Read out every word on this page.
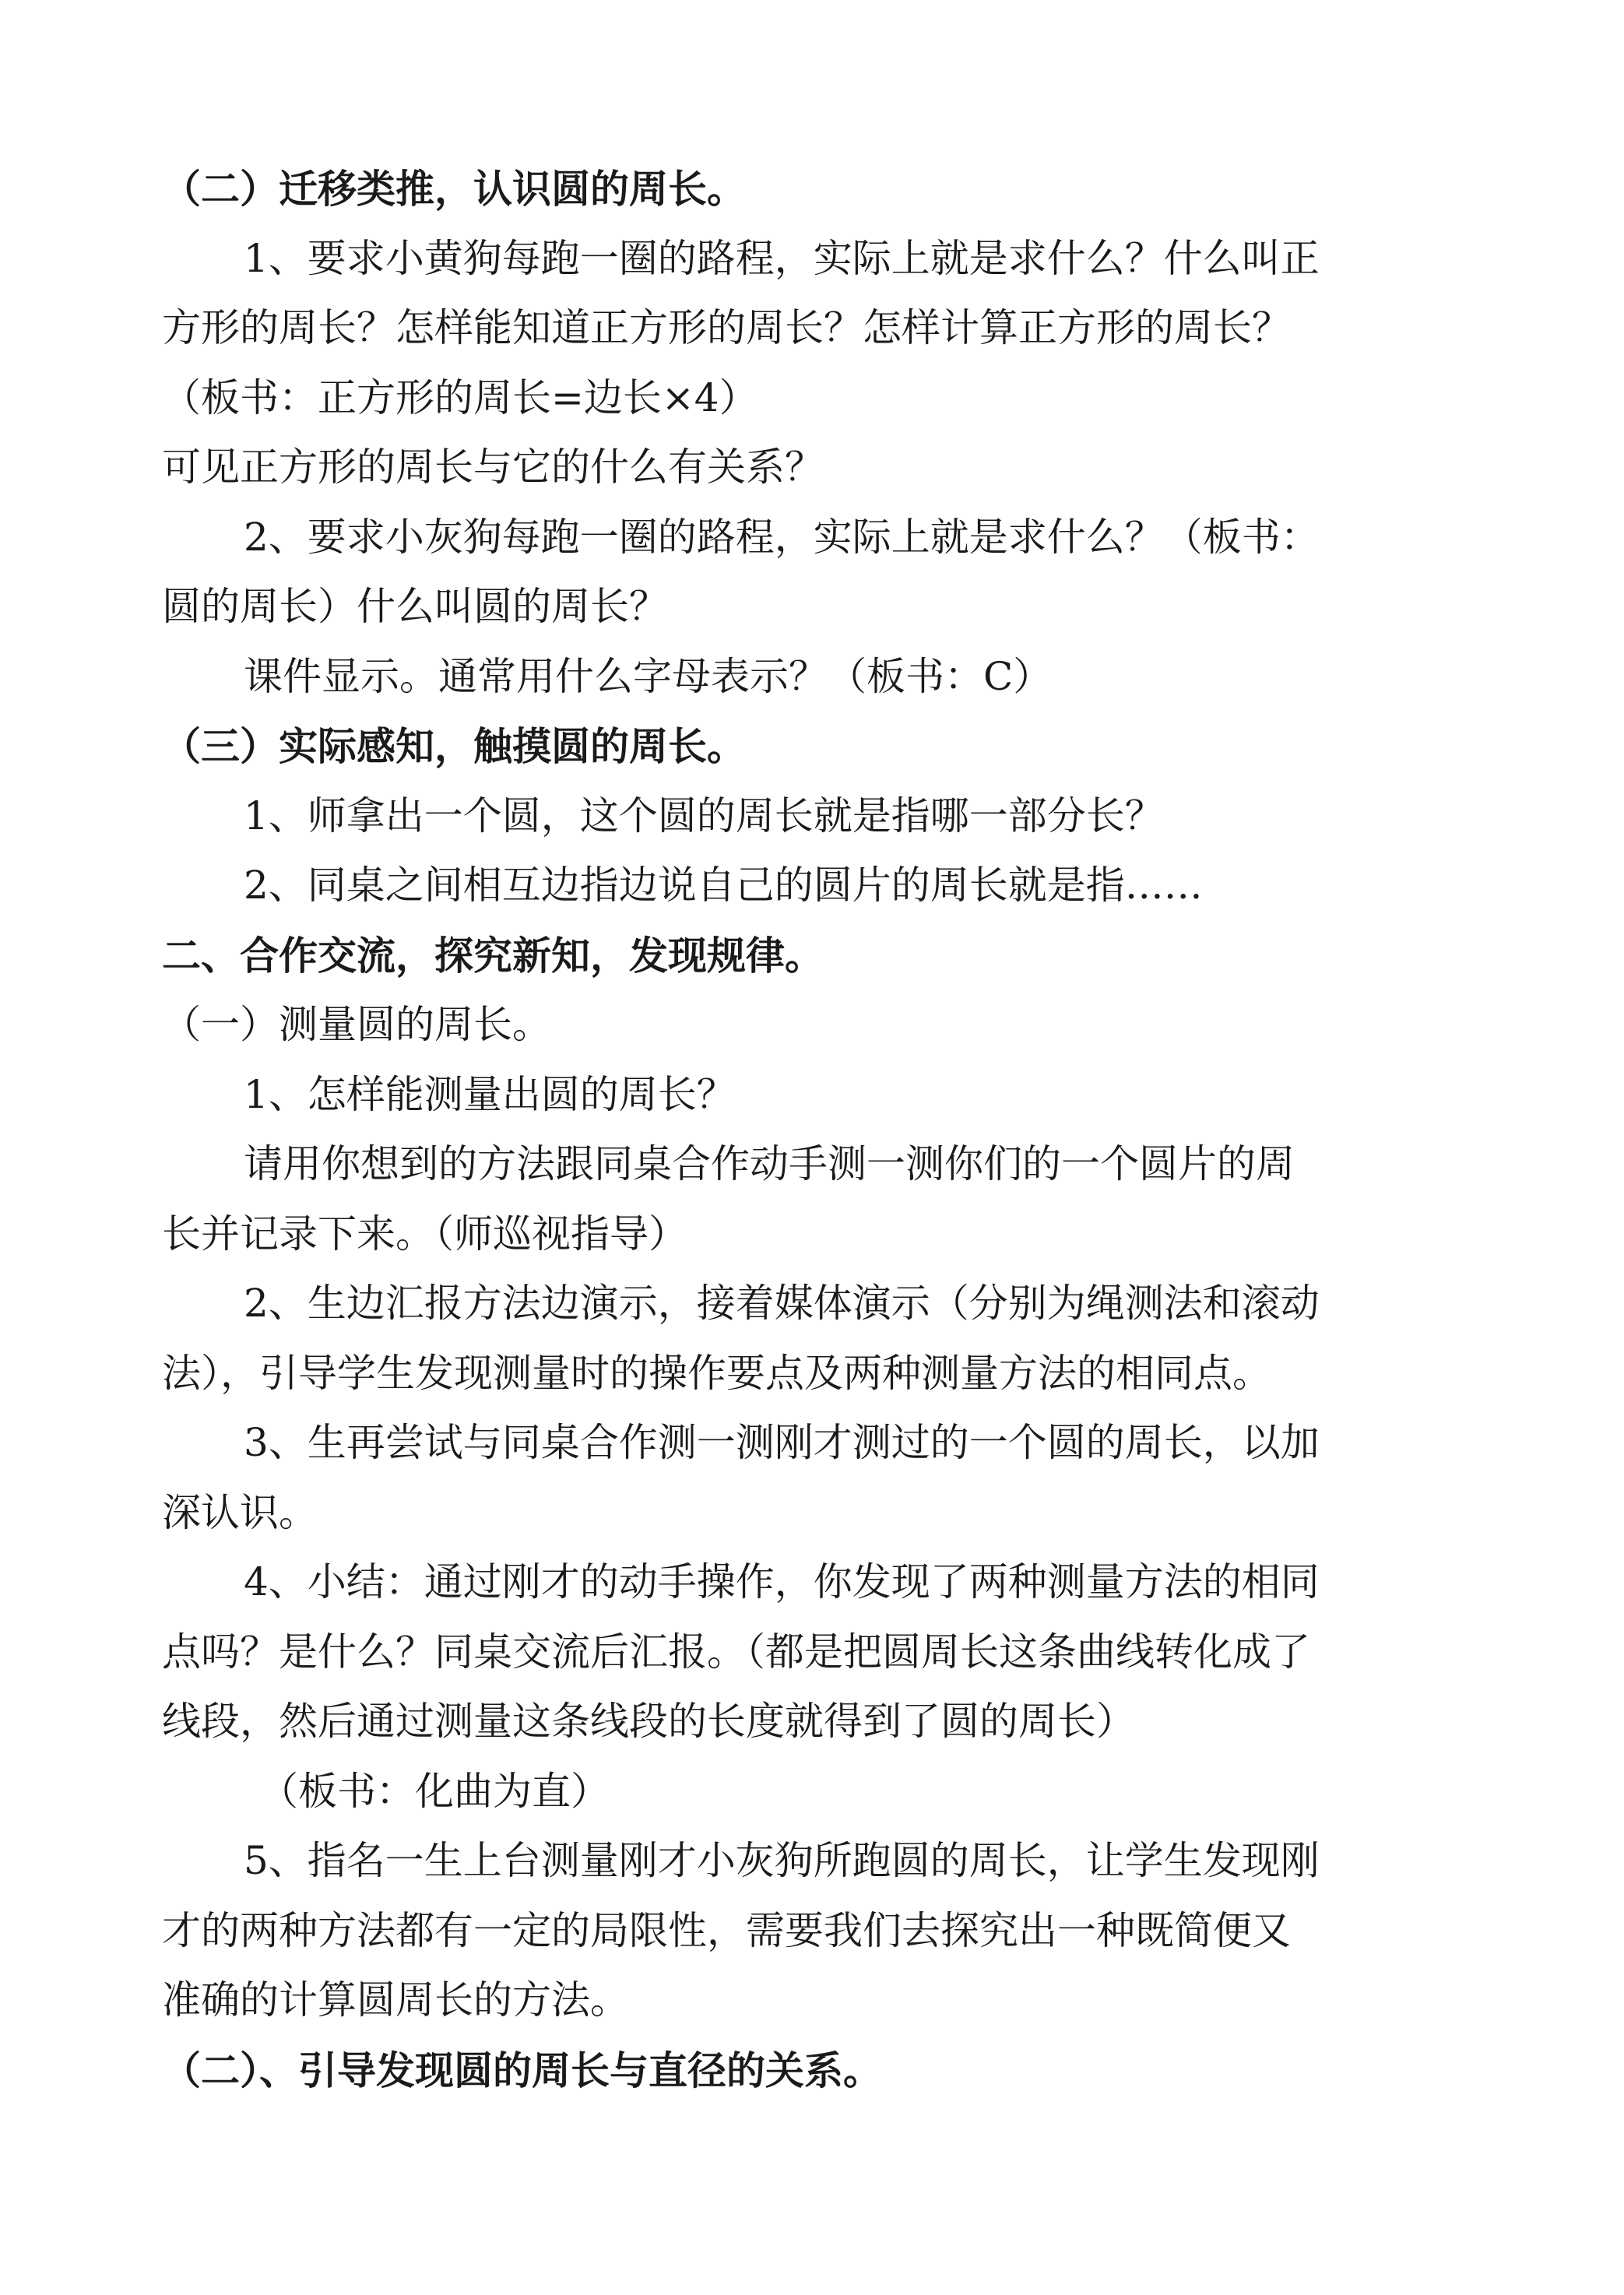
（二）迁移类推，认识圆的周长。
1、要求小黄狗每跑一圈的路程，实际上就是求什么？什么叫正
方形的周长？怎样能知道正方形的周长？怎样计算正方形的周长？
（板书：正方形的周长=边长×4）
可见正方形的周长与它的什么有关系？
2、要求小灰狗每跑一圈的路程，实际上就是求什么？（板书：
圆的周长）什么叫圆的周长？
课件显示。通常用什么字母表示？（板书：C）
（三）实际感知，触摸圆的周长。
1、师拿出一个圆，这个圆的周长就是指哪一部分长？
2、同桌之间相互边指边说自己的圆片的周长就是指……
二、合作交流，探究新知，发现规律。
（一）测量圆的周长。
1、怎样能测量出圆的周长？
请用你想到的方法跟同桌合作动手测一测你们的一个圆片的周
长并记录下来。（师巡视指导）
2、生边汇报方法边演示，接着媒体演示（分别为绳测法和滚动
法），引导学生发现测量时的操作要点及两种测量方法的相同点。
3、生再尝试与同桌合作测一测刚才测过的一个圆的周长，以加
深认识。
4、小结：通过刚才的动手操作，你发现了两种测量方法的相同
点吗？是什么？同桌交流后汇报。（都是把圆周长这条曲线转化成了
线段，然后通过测量这条线段的长度就得到了圆的周长）
（板书：化曲为直）
5、指名一生上台测量刚才小灰狗所跑圆的周长，让学生发现刚
才的两种方法都有一定的局限性，需要我们去探究出一种既简便又
准确的计算圆周长的方法。
（二）、引导发现圆的周长与直径的关系。
